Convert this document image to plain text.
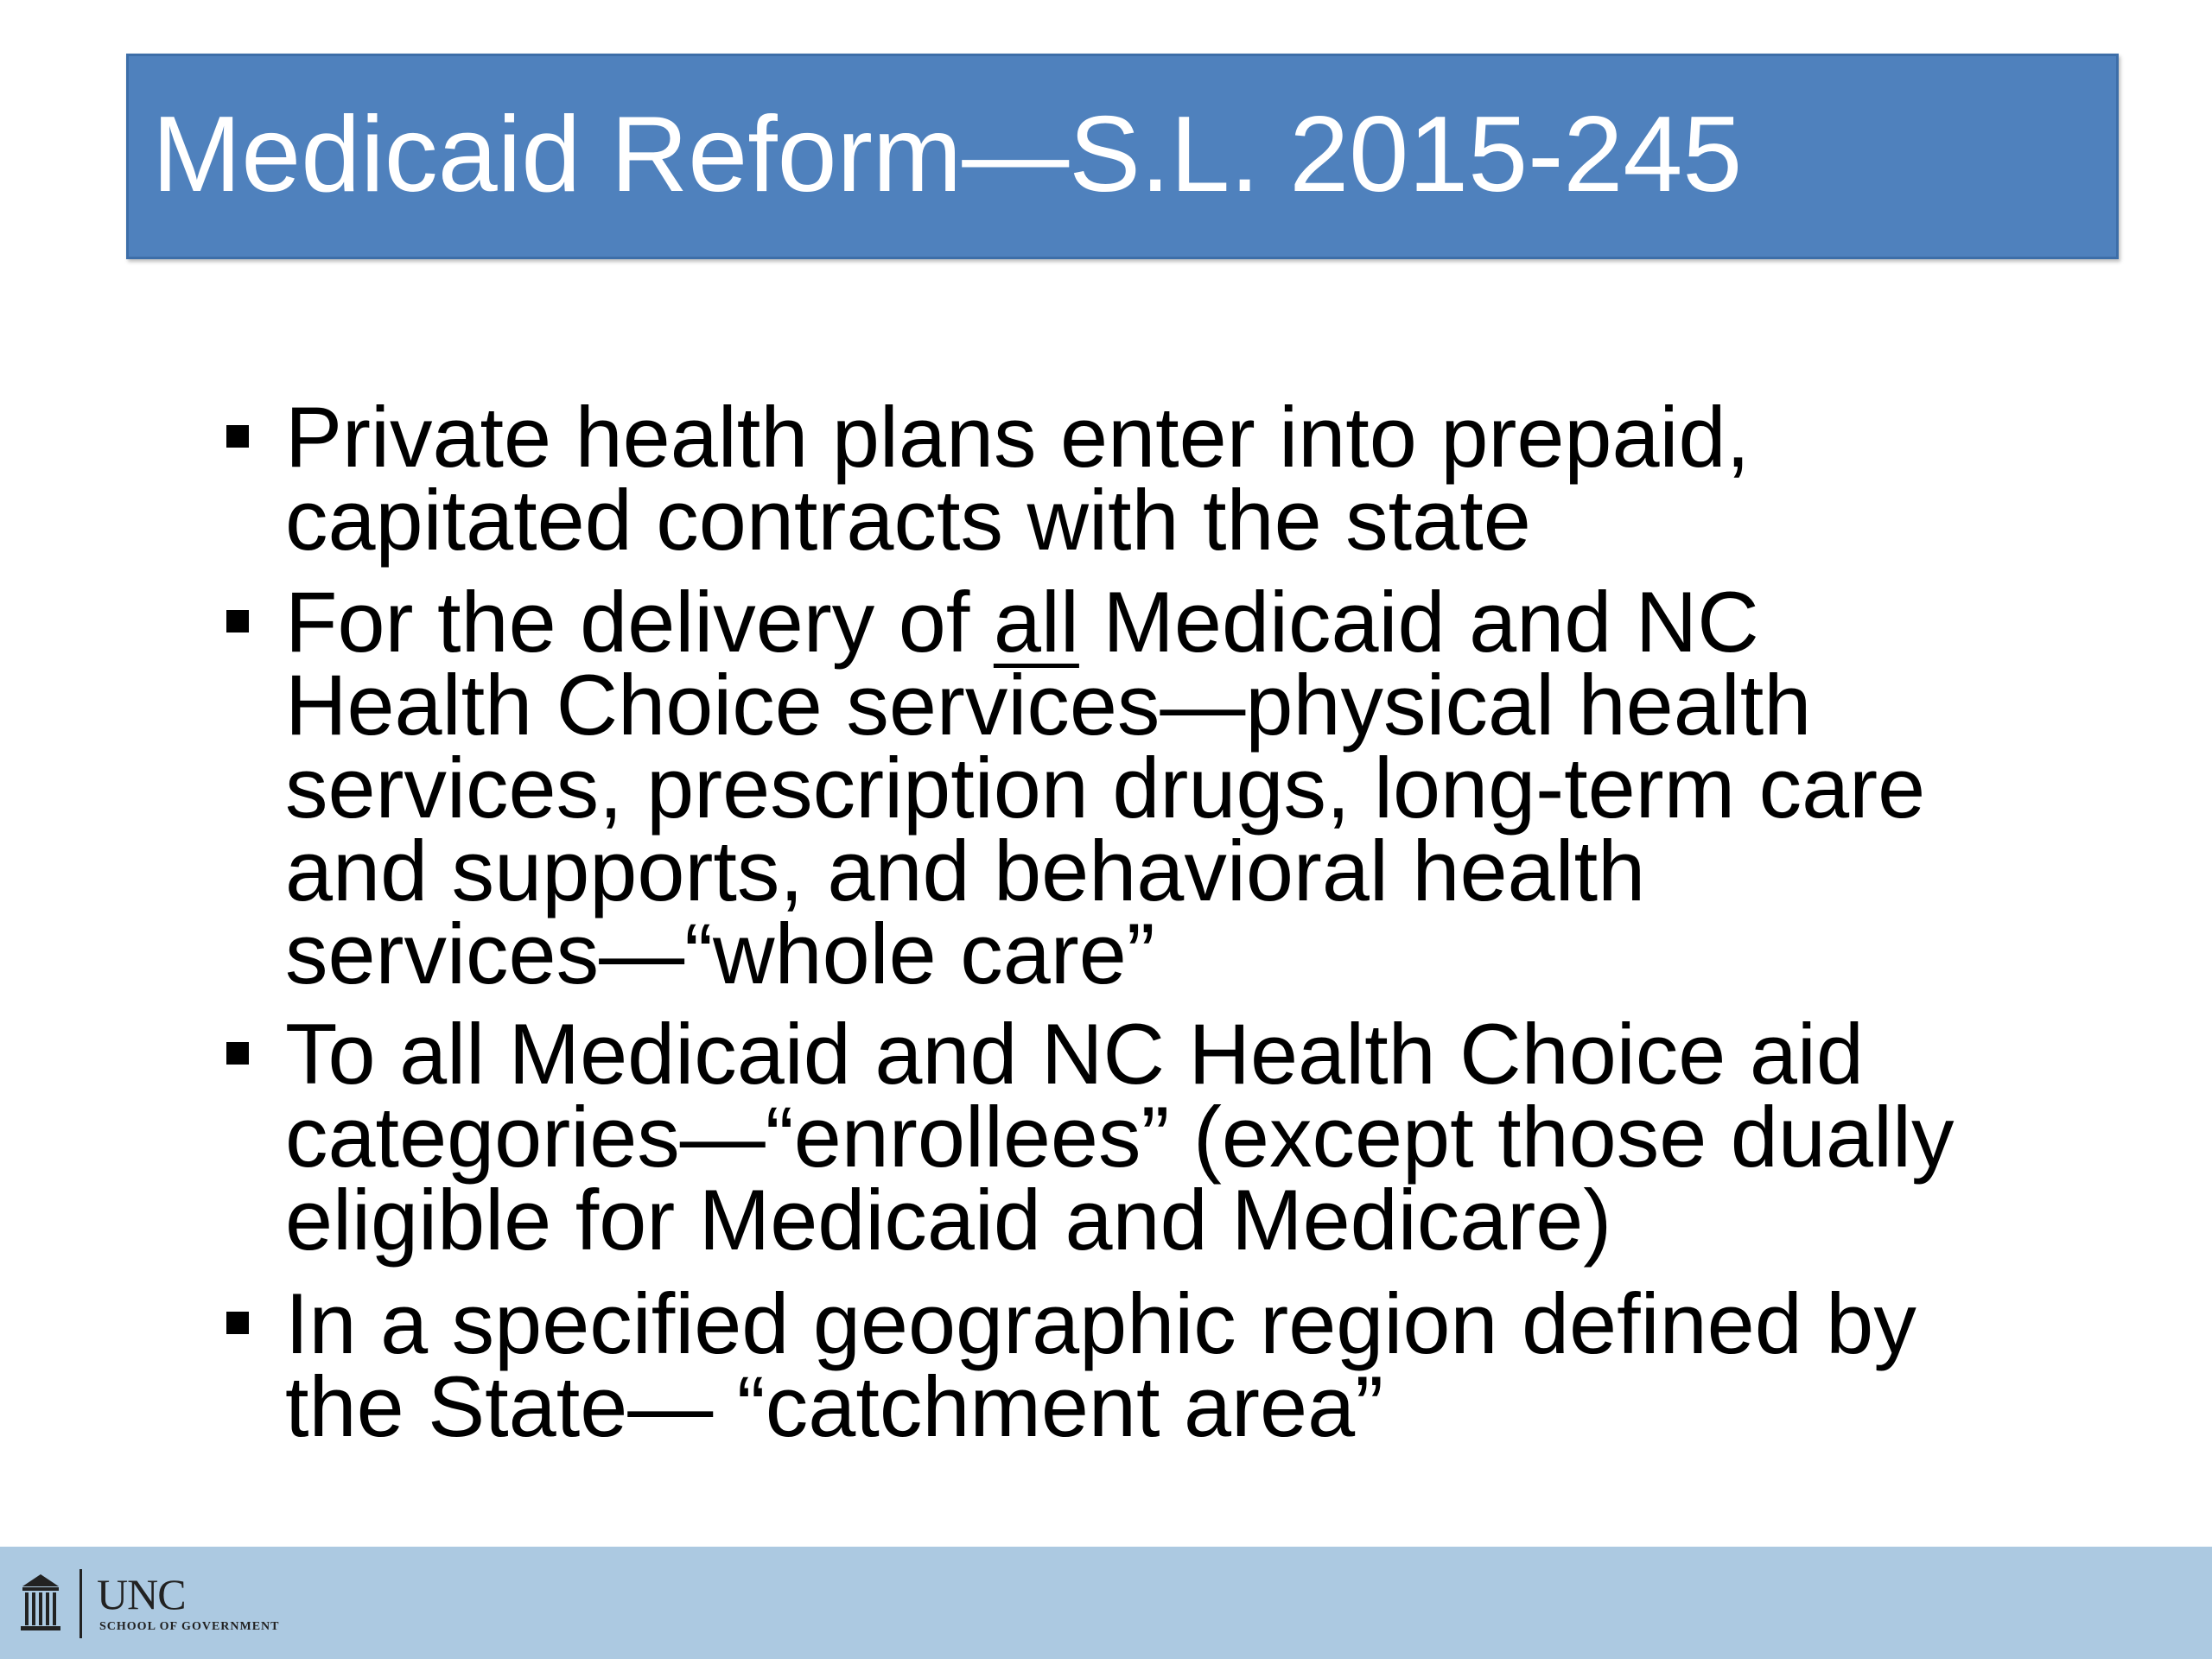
Medicaid Reform—S.L. 2015-245
Private health plans enter into prepaid,
capitated contracts with the state
For the delivery of all Medicaid and NC
Health Choice services—physical health
services, prescription drugs, long-term care
and supports, and behavioral health
services—“whole care”
To all Medicaid and NC Health Choice aid
categories—“enrollees” (except those dually
eligible for Medicaid and Medicare)
In a specified geographic region defined by
the State— “catchment area”
UNC
SCHOOL OF GOVERNMENT
